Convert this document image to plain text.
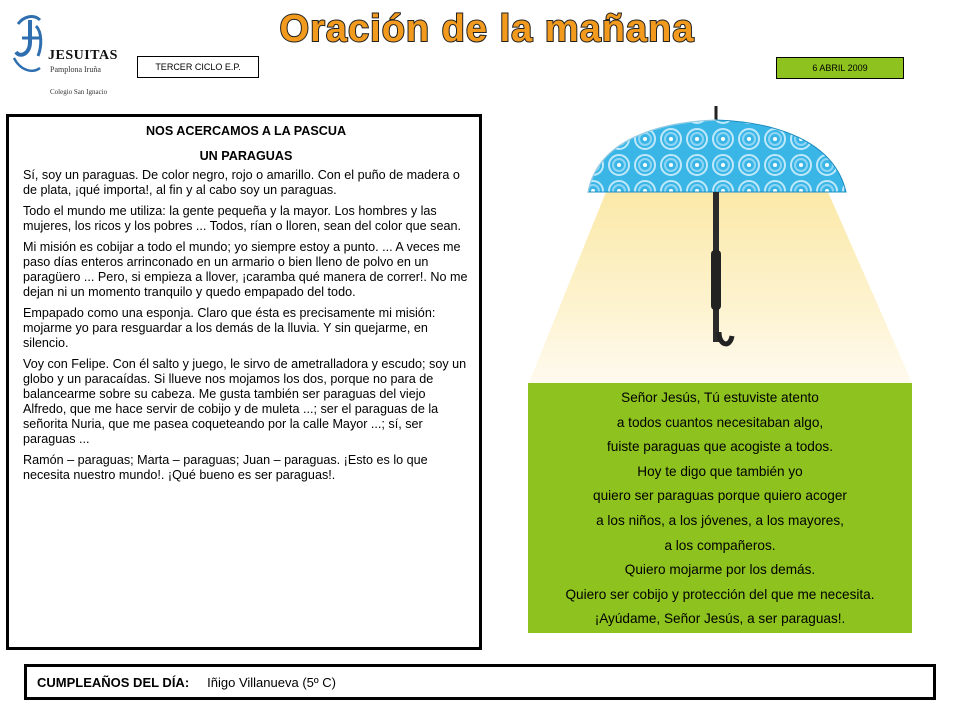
JESUITAS
Pamplona Iruña
Colegio San Ignacio
Oración de la mañana
TERCER CICLO E.P.	6 ABRIL 2009
NOS ACERCAMOS A LA PASCUA
UN PARAGUAS

Sí, soy un paraguas. De color negro, rojo o amarillo. Con el puño de madera o de plata, ¡qué importa!, al fin y al cabo soy un paraguas.

Todo el mundo me utiliza: la gente pequeña y la mayor. Los hombres y las mujeres, los ricos y los pobres ... Todos, rían o lloren, sean del color que sean.

Mi misión es cobijar a todo el mundo; yo siempre estoy a punto. ... A veces me paso días enteros arrinconado en un armario o bien lleno de polvo en un paragüero ... Pero, si empieza a llover, ¡caramba qué manera de correr!. No me dejan ni un momento tranquilo y quedo empapado del todo.

Empapado como una esponja. Claro que ésta es precisamente mi misión: mojarme yo para resguardar a los demás de la lluvia. Y sin quejarme, en silencio.

Voy con Felipe. Con él salto y juego, le sirvo de ametralladora y escudo; soy un globo y un paracaídas. Si llueve nos mojamos los dos, porque no para de balancearme sobre su cabeza. Me gusta también ser paraguas del viejo Alfredo, que me hace servir de cobijo y de muleta ...; ser el paraguas de la señorita Nuria, que me pasea coqueteando por la calle Mayor ...; sí, ser paraguas ...

Ramón – paraguas; Marta – paraguas; Juan – paraguas. ¡Esto es lo que necesita nuestro mundo!. ¡Qué bueno es ser paraguas!.

Señor Jesús, Tú estuviste atento
a todos cuantos necesitaban algo,
fuiste paraguas que acogiste a todos.
Hoy te digo que también yo
quiero ser paraguas porque quiero acoger
a los niños, a los jóvenes, a los mayores,
a los compañeros.
Quiero mojarme por los demás.
Quiero ser cobijo y protección del que me necesita.
¡Ayúdame, Señor Jesús, a ser paraguas!.
CUMPLEAÑOS DEL DÍA: Iñigo Villanueva (5º C)
